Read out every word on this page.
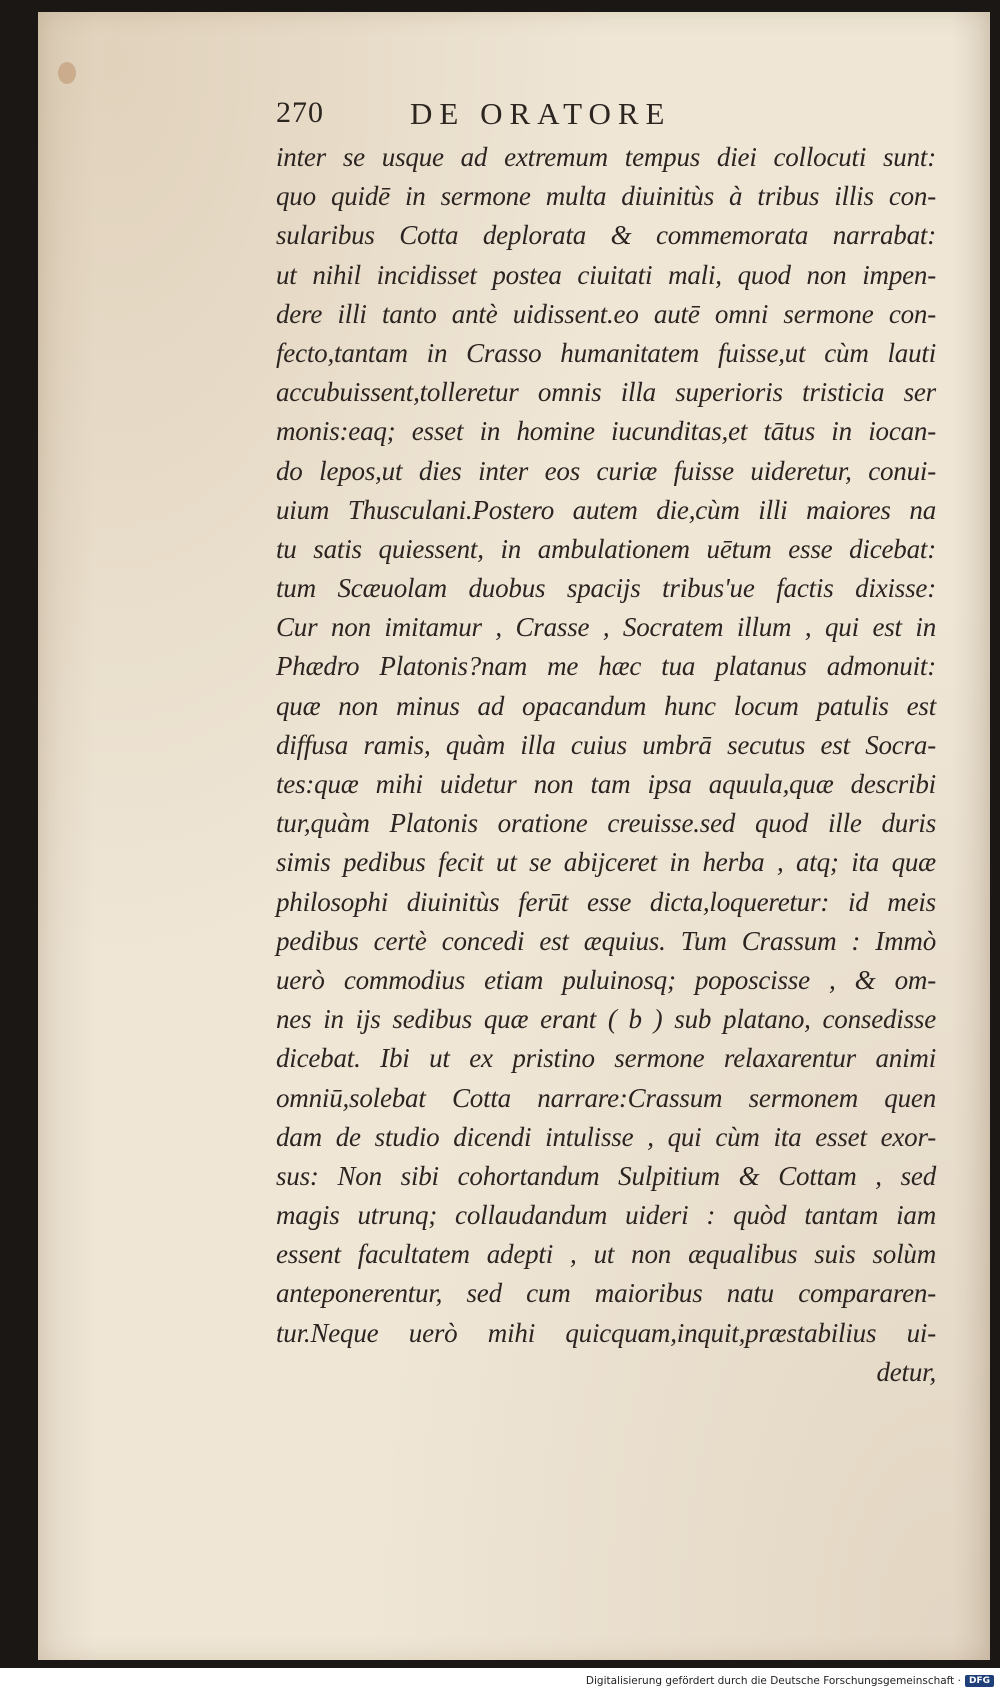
270	DE ORATORE
inter se usque ad extremum tempus diei collocuti sunt:
quo quidē in sermone multa diuinitùs à tribus illis con-
sularibus Cotta deplorata & commemorata narrabat:
ut nihil incidisset postea ciuitati mali, quod non impen-
dere illi tanto antè uidissent.eo autē omni sermone con-
fecto,tantam in Crasso humanitatem fuisse,ut cùm lauti
accubuissent,tolleretur omnis illa superioris tristicia ser
monis:eaq; esset in homine iucunditas,et tātus in iocan-
do lepos,ut dies inter eos curiæ fuisse uideretur, conui-
uium Thusculani.Postero autem die,cùm illi maiores na
tu satis quiessent, in ambulationem uētum esse dicebat:
tum Scæuolam duobus spacijs tribus'ue factis dixisse:
Cur non imitamur , Crasse , Socratem illum , qui est in
Phædro Platonis?nam me hæc tua platanus admonuit:
quæ non minus ad opacandum hunc locum patulis est
diffusa ramis, quàm illa cuius umbrā secutus est Socra-
tes:quæ mihi uidetur non tam ipsa aquula,quæ describi
tur,quàm Platonis oratione creuisse.sed quod ille duris
simis pedibus fecit ut se abijceret in herba , atq; ita quæ
philosophi diuinitùs ferūt esse dicta,loqueretur: id meis
pedibus certè concedi est æquius. Tum Crassum : Immò
uerò commodius etiam puluinosq; poposcisse , & om-
nes in ijs sedibus quæ erant ( b ) sub platano, consedisse
dicebat. Ibi ut ex pristino sermone relaxarentur animi
omniū,solebat Cotta narrare:Crassum sermonem quen
dam de studio dicendi intulisse , qui cùm ita esset exor-
sus: Non sibi cohortandum Sulpitium & Cottam , sed
magis utrunq; collaudandum uideri : quòd tantam iam
essent facultatem adepti , ut non æqualibus suis solùm
anteponerentur, sed cum maioribus natu compararen-
tur.Neque uerò mihi quicquam,inquit,præstabilius ui-
detur,
Digitalisierung gefördert durch die Deutsche Forschungsgemeinschaft · DFG
